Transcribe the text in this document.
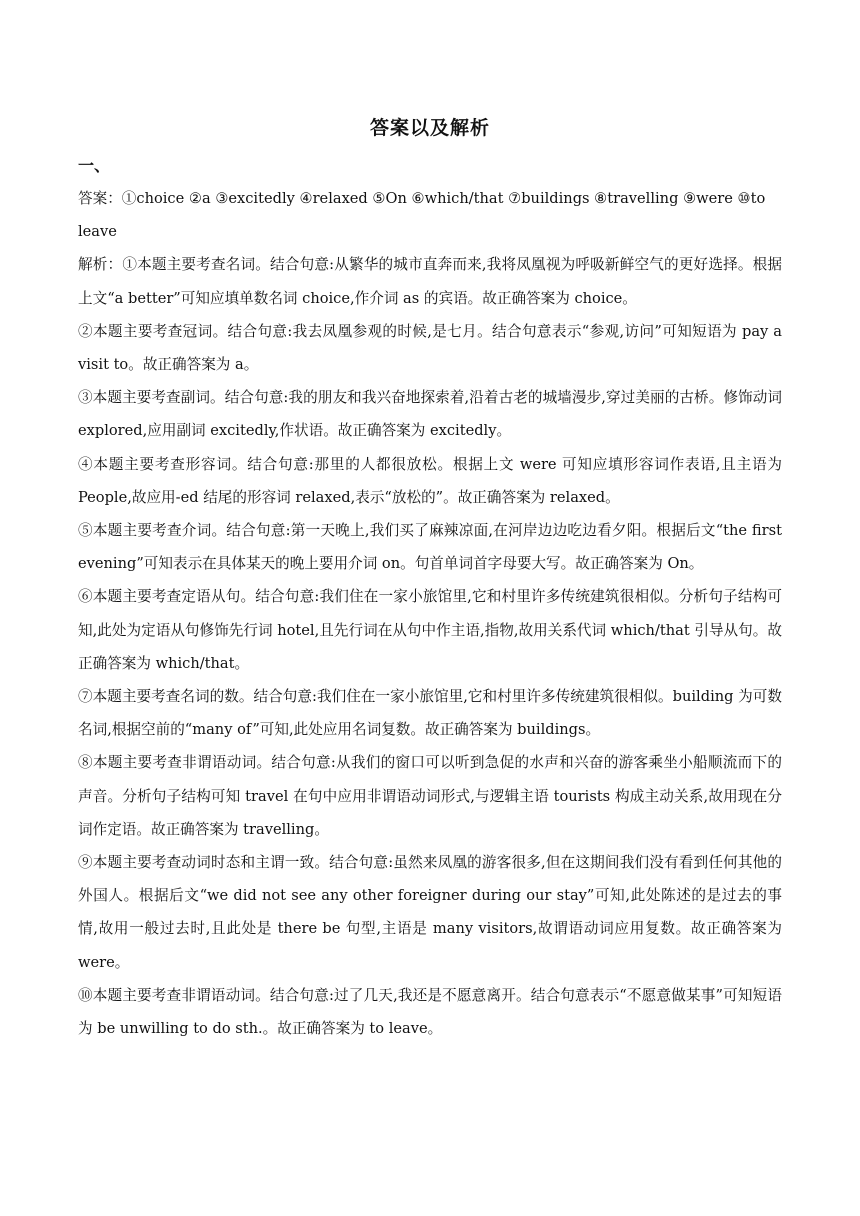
答案以及解析
一、

答案：①choice ②a ③excitedly ④relaxed ⑤On ⑥which/that ⑦buildings ⑧travelling ⑨were ⑩to leave

解析：①本题主要考查名词。结合句意:从繁华的城市直奔而来,我将凤凰视为呼吸新鲜空气的更好选择。根据上文“a better”可知应填单数名词 choice,作介词 as 的宾语。故正确答案为 choice。

②本题主要考查冠词。结合句意:我去凤凰参观的时候,是七月。结合句意表示“参观,访问”可知短语为 pay a visit to。故正确答案为 a。

③本题主要考查副词。结合句意:我的朋友和我兴奋地探索着,沿着古老的城墙漫步,穿过美丽的古桥。修饰动词 explored,应用副词 excitedly,作状语。故正确答案为 excitedly。

④本题主要考查形容词。结合句意:那里的人都很放松。根据上文 were 可知应填形容词作表语,且主语为 People,故应用-ed 结尾的形容词 relaxed,表示“放松的”。故正确答案为 relaxed。

⑤本题主要考查介词。结合句意:第一天晚上,我们买了麻辣凉面,在河岸边边吃边看夕阳。根据后文“the first evening”可知表示在具体某天的晚上要用介词 on。句首单词首字母要大写。故正确答案为 On。

⑥本题主要考查定语从句。结合句意:我们住在一家小旅馆里,它和村里许多传统建筑很相似。分析句子结构可知,此处为定语从句修饰先行词 hotel,且先行词在从句中作主语,指物,故用关系代词 which/that 引导从句。故正确答案为 which/that。

⑦本题主要考查名词的数。结合句意:我们住在一家小旅馆里,它和村里许多传统建筑很相似。building 为可数名词,根据空前的“many of”可知,此处应用名词复数。故正确答案为 buildings。

⑧本题主要考查非谓语动词。结合句意:从我们的窗口可以听到急促的水声和兴奋的游客乘坐小船顺流而下的声音。分析句子结构可知 travel 在句中应用非谓语动词形式,与逻辑主语 tourists 构成主动关系,故用现在分词作定语。故正确答案为 travelling。

⑨本题主要考查动词时态和主谓一致。结合句意:虽然来凤凰的游客很多,但在这期间我们没有看到任何其他的外国人。根据后文“we did not see any other foreigner during our stay”可知,此处陈述的是过去的事情,故用一般过去时,且此处是 there be 句型,主语是 many visitors,故谓语动词应用复数。故正确答案为 were。

⑩本题主要考查非谓语动词。结合句意:过了几天,我还是不愿意离开。结合句意表示“不愿意做某事”可知短语为 be unwilling to do sth.。故正确答案为 to leave。
